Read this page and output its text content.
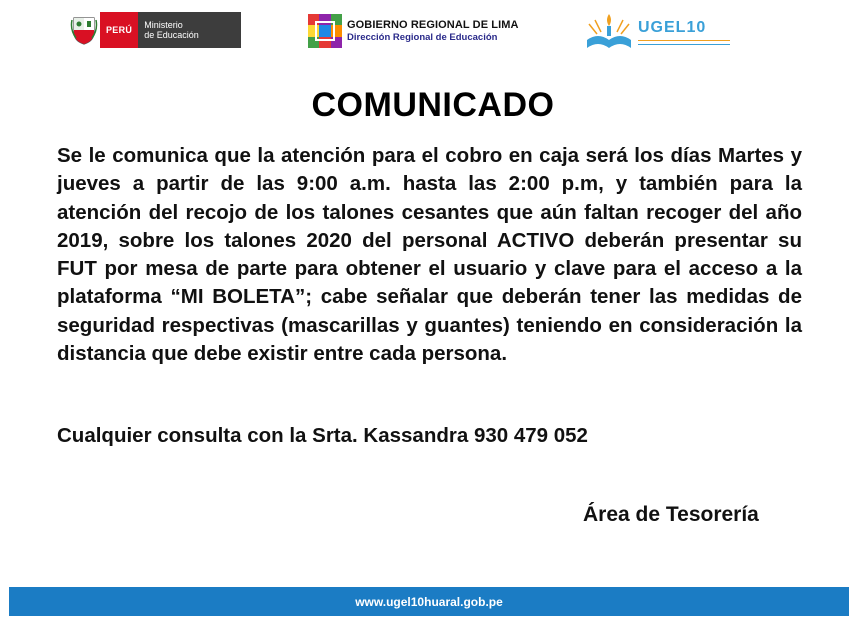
PERÚ	Ministerio
de Educación
GOBIERNO REGIONAL DE LIMA
Dirección Regional de Educación
UGEL10
COMUNICADO
Se le comunica que la atención para el cobro en caja será los días Martes y jueves a partir de las 9:00 a.m. hasta las 2:00 p.m, y también para la atención del recojo de los talones cesantes que aún faltan recoger del año 2019, sobre los talones 2020 del personal ACTIVO deberán presentar su FUT por mesa de parte para obtener el usuario y clave para el acceso a la plataforma “MI BOLETA”; cabe señalar que deberán tener las medidas de seguridad respectivas (mascarillas y guantes) teniendo en consideración la distancia que debe existir entre cada persona.
Cualquier consulta con la Srta. Kassandra 930 479 052
Área de Tesorería
www.ugel10huaral.gob.pe
